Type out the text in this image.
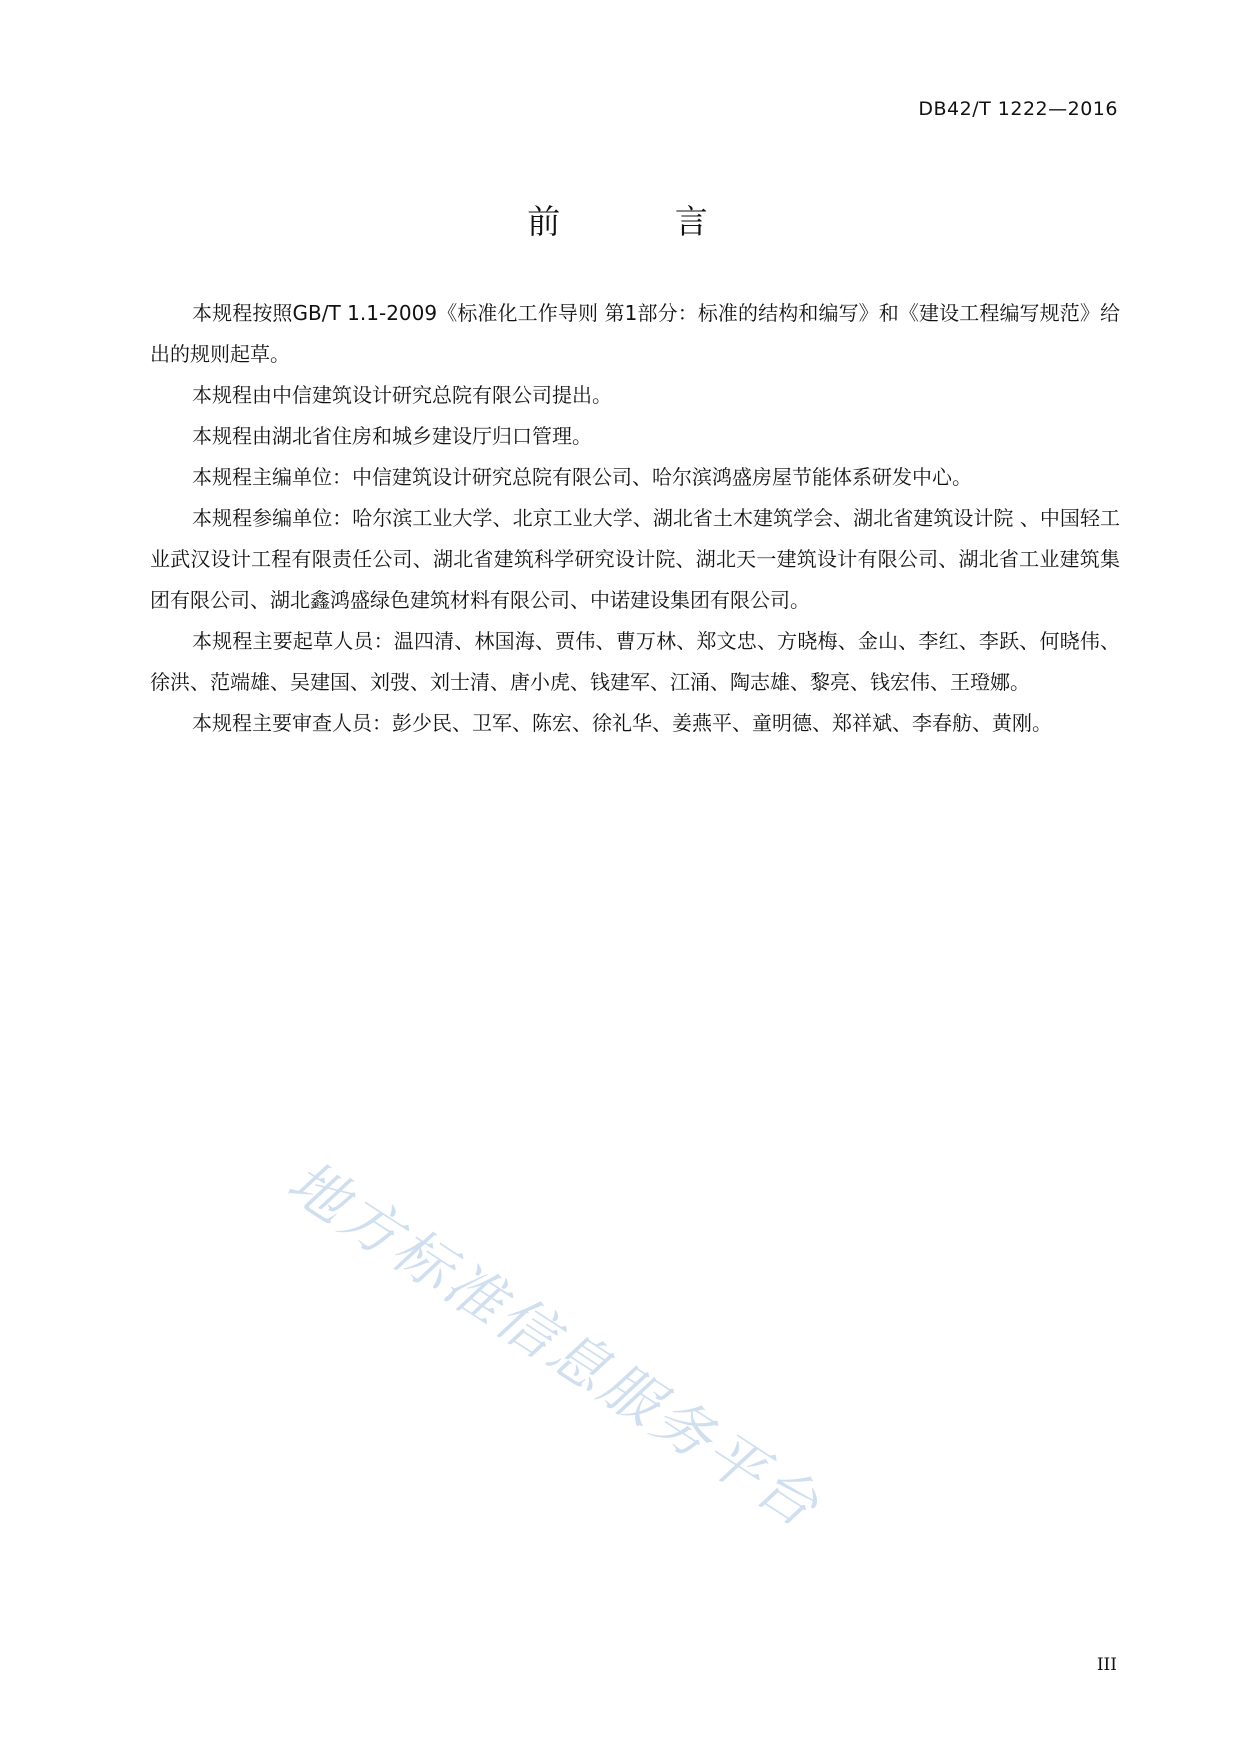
DB42/T 1222—2016
前 言

本规程按照GB/T 1.1-2009《标准化工作导则 第1部分：标准的结构和编写》和《建设工程编写规范》给出的规则起草。

本规程由中信建筑设计研究总院有限公司提出。

本规程由湖北省住房和城乡建设厅归口管理。

本规程主编单位：中信建筑设计研究总院有限公司、哈尔滨鸿盛房屋节能体系研发中心。

本规程参编单位：哈尔滨工业大学、北京工业大学、湖北省土木建筑学会、湖北省建筑设计院 、中国轻工业武汉设计工程有限责任公司、湖北省建筑科学研究设计院、湖北天一建筑设计有限公司、湖北省工业建筑集团有限公司、湖北鑫鸿盛绿色建筑材料有限公司、中诺建设集团有限公司。

本规程主要起草人员：温四清、林国海、贾伟、曹万林、郑文忠、方晓梅、金山、李红、李跃、何晓伟、徐洪、范端雄、吴建国、刘弢、刘士清、唐小虎、钱建军、江涌、陶志雄、黎亮、钱宏伟、王璒娜。

本规程主要审查人员：彭少民、卫军、陈宏、徐礼华、姜燕平、童明德、郑祥斌、李春舫、黄刚。

地方标准信息服务平台
III
